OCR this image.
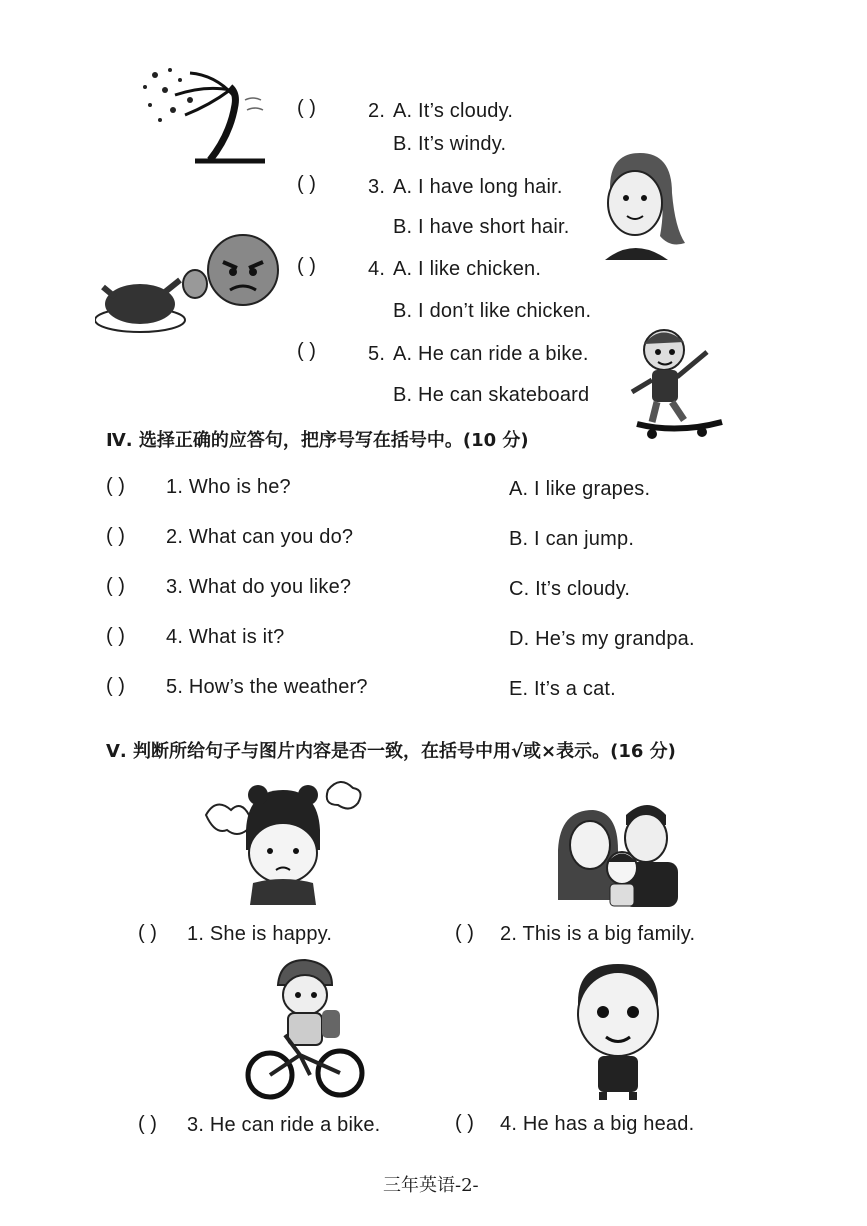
( )	2. A. It’s cloudy.
B. It’s windy.
( )	3. A. I have long hair.
B. I have short hair.
( )	4. A. I like chicken.
B. I don’t like chicken.
( )	5. A. He can ride a bike.
B. He can skateboard
Ⅳ. 选择正确的应答句，把序号写在括号中。(10 分)
( ) 1. Who is he?
( ) 2. What can you do?
( ) 3. What do you like?
( ) 4. What is it?
( ) 5. How’s the weather?
A. I like grapes.
B. I can jump.
C. It’s cloudy.
D. He’s my grandpa.
E. It’s a cat.
Ⅴ. 判断所给句子与图片内容是否一致，在括号中用√或×表示。(16 分)
( ) 1. She is happy.	( ) 2. This is a big family.
( ) 3. He can ride a bike.	( ) 4. He has a big head.
三年英语-2-
